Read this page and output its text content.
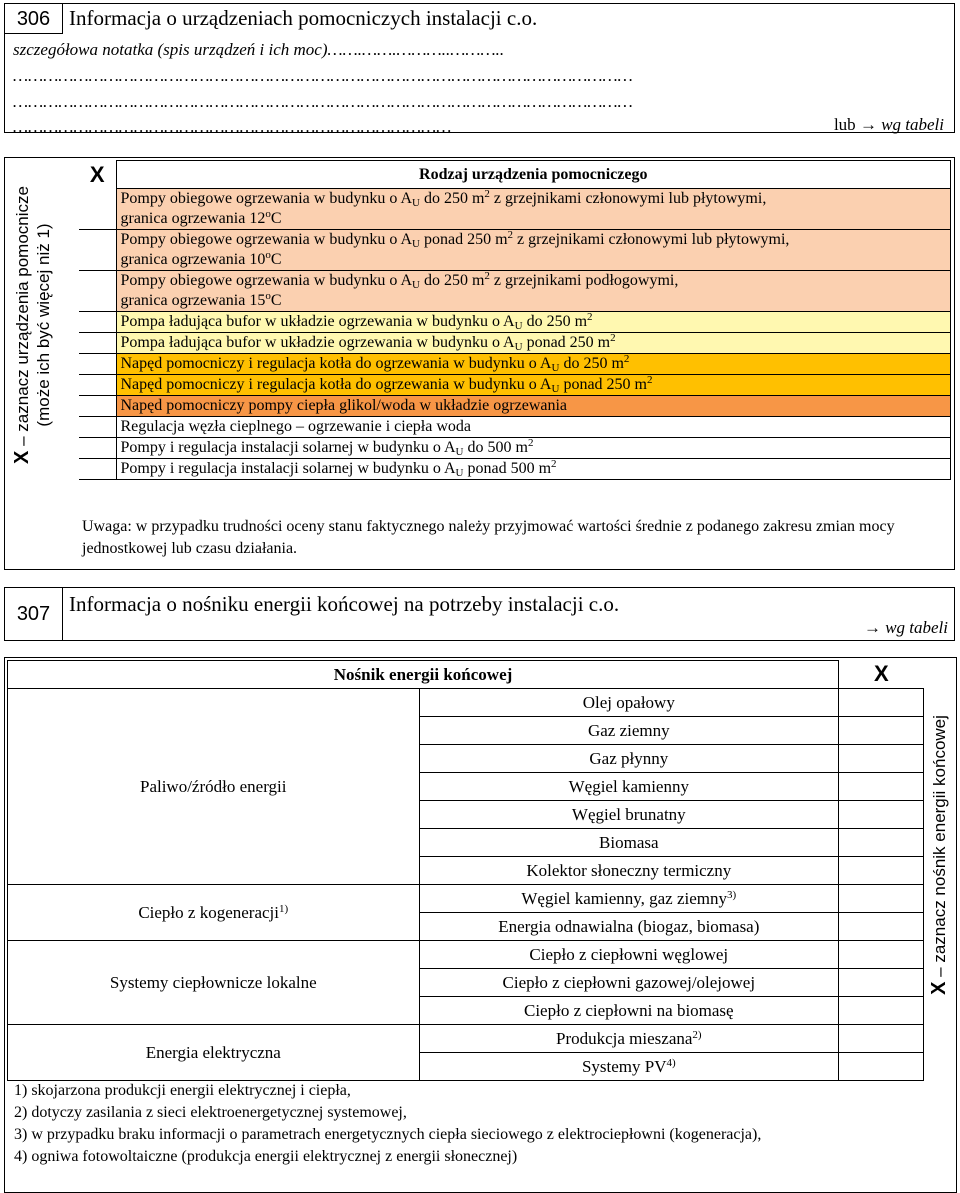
306 Informacja o urządzeniach pomocniczych instalacji c.o.
szczegółowa notatka (spis urządzeń i ich moc)…….…….………..………..
……………………………………………………………………………………………………………
……………………………………………………………………………………………………………
……………………………………………………………………………	lub → wg tabeli
X – zaznacz urządzenia pomocnicze (może ich być więcej niż 1)
X	Rodzaj urządzenia pomocniczego
	Pompy obiegowe ogrzewania w budynku o $A_U$ do 250 $m^2$ z grzejnikami członowymi lub płytowymi,
granica ogrzewania 12$^o$C
	Pompy obiegowe ogrzewania w budynku o $A_U$ ponad 250 $m^2$ z grzejnikami członowymi lub płytowymi,
granica ogrzewania 10$^o$C
	Pompy obiegowe ogrzewania w budynku o $A_U$ do 250 $m^2$ z grzejnikami podłogowymi,
granica ogrzewania 15$^o$C
	Pompa ładująca bufor w układzie ogrzewania w budynku o $A_U$ do 250 $m^2$
	Pompa ładująca bufor w układzie ogrzewania w budynku o $A_U$ ponad 250 $m^2$
	Napęd pomocniczy i regulacja kotła do ogrzewania w budynku o $A_U$ do 250 $m^2$
	Napęd pomocniczy i regulacja kotła do ogrzewania w budynku o $A_U$ ponad 250 $m^2$
	Napęd pomocniczy pompy ciepła glikol/woda w układzie ogrzewania
	Regulacja węzła cieplnego – ogrzewanie i ciepła woda
	Pompy i regulacja instalacji solarnej w budynku o $A_U$ do 500 $m^2$
	Pompy i regulacja instalacji solarnej w budynku o $A_U$ ponad 500 $m^2$
Uwaga: w przypadku trudności oceny stanu faktycznego należy przyjmować wartości średnie z podanego zakresu zmian mocy jednostkowej lub czasu działania.
307 Informacja o nośniku energii końcowej na potrzeby instalacji c.o.
→ wg tabeli
Nośnik energii końcowej		X
Paliwo/źródło energii	Olej opałowy	
	Gaz ziemny	
	Gaz płynny	
	Węgiel kamienny	
	Węgiel brunatny	
	Biomasa	
	Kolektor słoneczny termiczny	
Ciepło z kogeneracji$^{1)}$	Węgiel kamienny, gaz ziemny$^{3)}$	
	Energia odnawialna (biogaz, biomasa)	
Systemy ciepłownicze lokalne	Ciepło z ciepłowni węglowej	
	Ciepło z ciepłowni gazowej/olejowej	
	Ciepło z ciepłowni na biomasę	
Energia elektryczna	Produkcja mieszana$^{2)}$	
	Systemy PV$^{4)}$	
X – zaznacz nośnik energii końcowej
1) skojarzona produkcji energii elektrycznej i ciepła,
2) dotyczy zasilania z sieci elektroenergetycznej systemowej,
3) w przypadku braku informacji o parametrach energetycznych ciepła sieciowego z elektrociepłowni (kogeneracja),
4) ogniwa fotowoltaiczne (produkcja energii elektrycznej z energii słonecznej)
